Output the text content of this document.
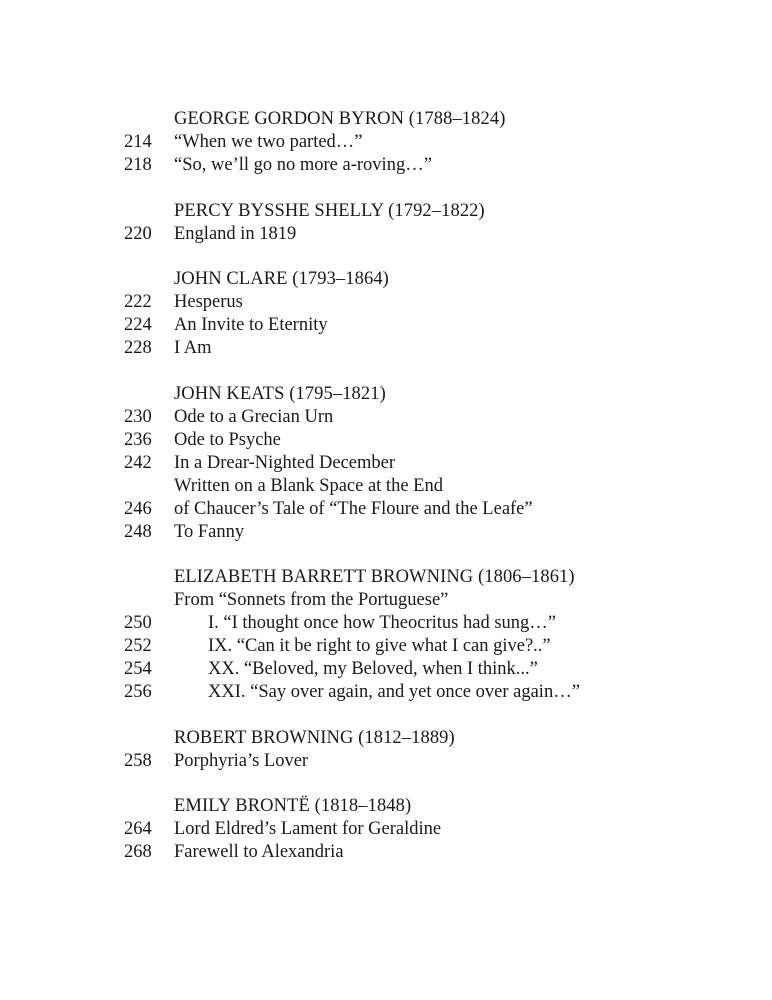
GEORGE GORDON BYRON (1788–1824)
214	“When we two parted…”
218	“So, we’ll go no more a-roving…”
PERCY BYSSHE SHELLY (1792–1822)
220	England in 1819
JOHN CLARE (1793–1864)
222	Hesperus
224	An Invite to Eternity
228	I Am
JOHN KEATS (1795–1821)
230	Ode to a Grecian Urn
236	Ode to Psyche
242	In a Drear-Nighted December
Written on a Blank Space at the End
246	of Chaucer’s Tale of “The Floure and the Leafe”
248	To Fanny
ELIZABETH BARRETT BROWNING (1806–1861)
From “Sonnets from the Portuguese”
250	I. “I thought once how Theocritus had sung…”
252	IX. “Can it be right to give what I can give?..”
254	XX. “Beloved, my Beloved, when I think...”
256	XXI. “Say over again, and yet once over again…”
ROBERT BROWNING (1812–1889)
258	Porphyria’s Lover
EMILY BRONTË (1818–1848)
264	Lord Eldred’s Lament for Geraldine
268	Farewell to Alexandria
